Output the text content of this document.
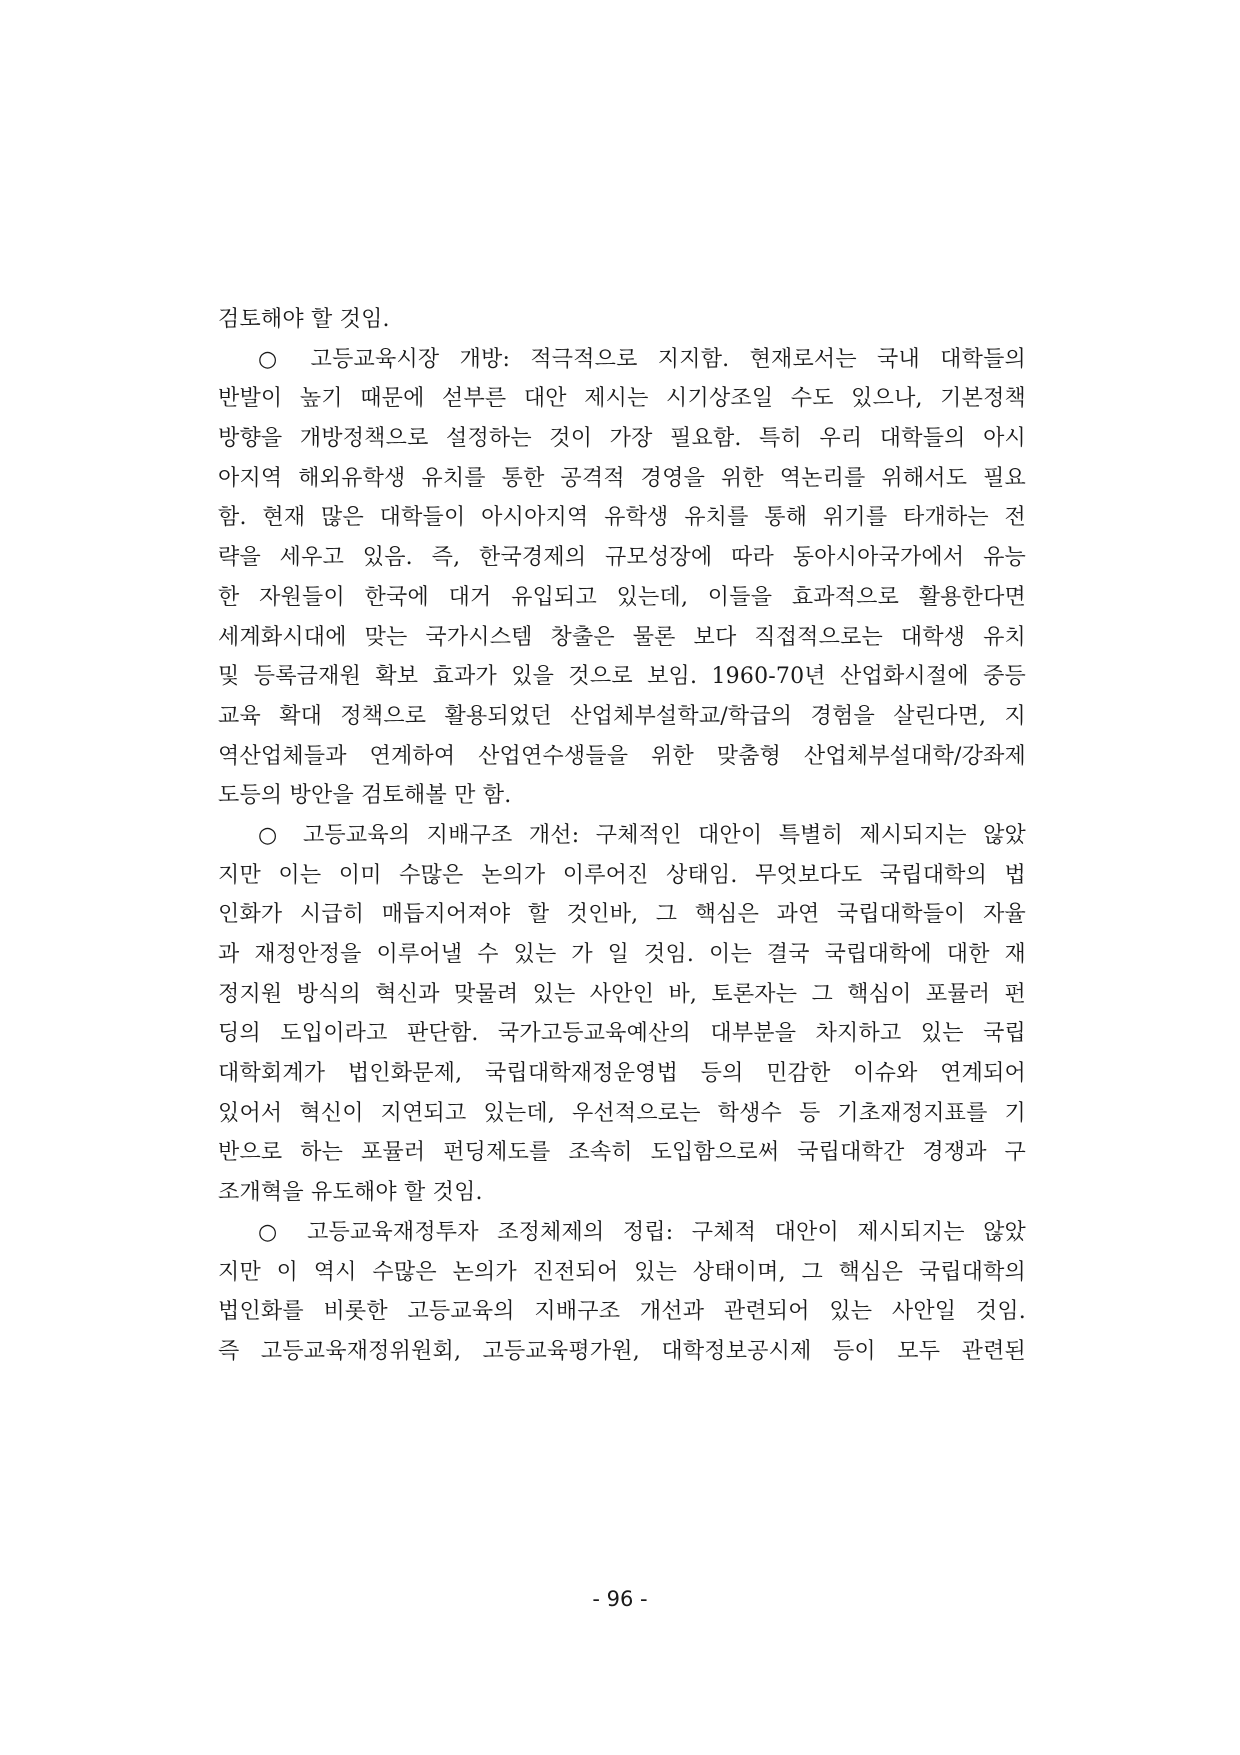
검토해야 할 것임.
○ 고등교육시장 개방: 적극적으로 지지함. 현재로서는 국내 대학들의
반발이 높기 때문에 섣부른 대안 제시는 시기상조일 수도 있으나, 기본정책
방향을 개방정책으로 설정하는 것이 가장 필요함. 특히 우리 대학들의 아시
아지역 해외유학생 유치를 통한 공격적 경영을 위한 역논리를 위해서도 필요
함. 현재 많은 대학들이 아시아지역 유학생 유치를 통해 위기를 타개하는 전
략을 세우고 있음. 즉, 한국경제의 규모성장에 따라 동아시아국가에서 유능
한 자원들이 한국에 대거 유입되고 있는데, 이들을 효과적으로 활용한다면
세계화시대에 맞는 국가시스템 창출은 물론 보다 직접적으로는 대학생 유치
및 등록금재원 확보 효과가 있을 것으로 보임. 1960-70년 산업화시절에 중등
교육 확대 정책으로 활용되었던 산업체부설학교/학급의 경험을 살린다면, 지
역산업체들과 연계하여 산업연수생들을 위한 맞춤형 산업체부설대학/강좌제
도등의 방안을 검토해볼 만 함.
○ 고등교육의 지배구조 개선: 구체적인 대안이 특별히 제시되지는 않았
지만 이는 이미 수많은 논의가 이루어진 상태임. 무엇보다도 국립대학의 법
인화가 시급히 매듭지어져야 할 것인바, 그 핵심은 과연 국립대학들이 자율
과 재정안정을 이루어낼 수 있는 가 일 것임. 이는 결국 국립대학에 대한 재
정지원 방식의 혁신과 맞물려 있는 사안인 바, 토론자는 그 핵심이 포뮬러 펀
딩의 도입이라고 판단함. 국가고등교육예산의 대부분을 차지하고 있는 국립
대학회계가 법인화문제, 국립대학재정운영법 등의 민감한 이슈와 연계되어
있어서 혁신이 지연되고 있는데, 우선적으로는 학생수 등 기초재정지표를 기
반으로 하는 포뮬러 펀딩제도를 조속히 도입함으로써 국립대학간 경쟁과 구
조개혁을 유도해야 할 것임.
○ 고등교육재정투자 조정체제의 정립: 구체적 대안이 제시되지는 않았
지만 이 역시 수많은 논의가 진전되어 있는 상태이며, 그 핵심은 국립대학의
법인화를 비롯한 고등교육의 지배구조 개선과 관련되어 있는 사안일 것임.
즉 고등교육재정위원회, 고등교육평가원, 대학정보공시제 등이 모두 관련된
- 96 -
